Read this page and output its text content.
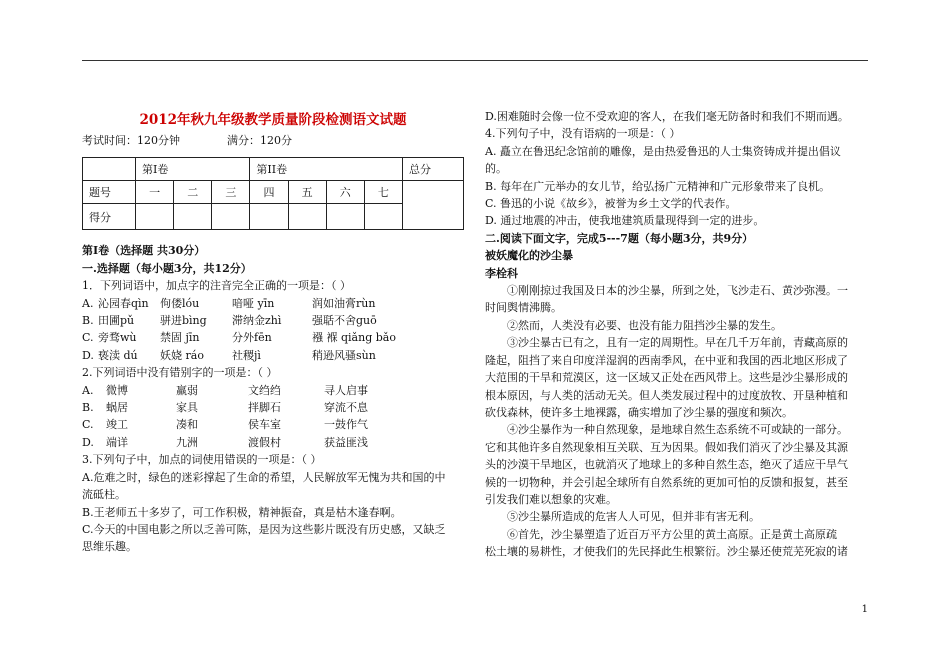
2012年秋九年级教学质量阶段检测语文试题
考试时间：120分钟	满分：120分
	第Ⅰ卷			第II卷				总分
题号	一	二	三	四	五	六	七	
得分								
第Ⅰ卷（选择题 共30分）
一.选择题（每小题3分，共12分）
1．下列词语中，加点字的注音完全正确的一项是：（ ）
A. 沁园春qìn 佝偻lóu	喑哑 yīn	润如油膏rùn
B. 田圃pǔ 骈进bìng 滞纳金zhì	强聒不舍guō
C. 旁骛wù 禁固 jīn	分外fēn	襁 褓 qiǎng bǎo
D. 亵渎 dú 妖娆 ráo	社稷jì	稍逊风骚sùn
2.下列词语中没有错别字的一项是：（ ）
A. 微博	羸弱	文绉绉	寻人启事
B. 蜗居	家具	拌脚石	穿流不息
C. 竣工	凑和	侯车室	一鼓作气
D. 端详	九洲	渡假村	获益匪浅
3.下列句子中，加点的词使用错误的一项是：（ ）
A.危难之时，绿色的迷彩撑起了生命的希望，人民解放军无愧为共和国的中
流砥柱。
B.王老师五十多岁了，可工作积极，精神振奋，真是枯木逢春啊。
C.今天的中国电影之所以乏善可陈，是因为这些影片既没有历史感，又缺乏
思维乐趣。
D.困难随时会像一位不受欢迎的客人，在我们毫无防备时和我们不期而遇。
4.下列句子中，没有语病的一项是：（ ）
A. 矗立在鲁迅纪念馆前的雕像，是由热爱鲁迅的人士集资铸成并提出倡议
的。
B. 每年在广元举办的女儿节，给弘扬广元精神和广元形象带来了良机。
C. 鲁迅的小说《故乡》，被誉为乡土文学的代表作。
D. 通过地震的冲击，使我地建筑质量现得到一定的进步。
二.阅读下面文字，完成5---7题（每小题3分，共9分）
被妖魔化的沙尘暴
李栓科
①刚刚掠过我国及日本的沙尘暴，所到之处，飞沙走石、黄沙弥漫。一
时间舆情沸腾。
②然而，人类没有必要、也没有能力阻挡沙尘暴的发生。
③沙尘暴古已有之，且有一定的周期性。早在几千万年前，青藏高原的
隆起，阻挡了来自印度洋湿润的西南季风，在中亚和我国的西北地区形成了
大范围的干旱和荒漠区，这一区域又正处在西风带上。这些是沙尘暴形成的
根本原因，与人类的活动无关。但人类发展过程中的过度放牧、开垦种植和
砍伐森林，使许多土地裸露，确实增加了沙尘暴的强度和频次。
④沙尘暴作为一种自然现象，是地球自然生态系统不可或缺的一部分。
它和其他许多自然现象相互关联、互为因果。假如我们消灭了沙尘暴及其源
头的沙漠干旱地区，也就消灭了地球上的多种自然生态，绝灭了适应干旱气
候的一切物种，并会引起全球所有自然系统的更加可怕的反馈和报复，甚至
引发我们难以想象的灾难。
⑤沙尘暴所造成的危害人人可见，但并非有害无利。
⑥首先，沙尘暴塑造了近百万平方公里的黄土高原。正是黄土高原疏
松土壤的易耕性，才使我们的先民择此生根繁衍。沙尘暴还使荒芜死寂的诸
1
